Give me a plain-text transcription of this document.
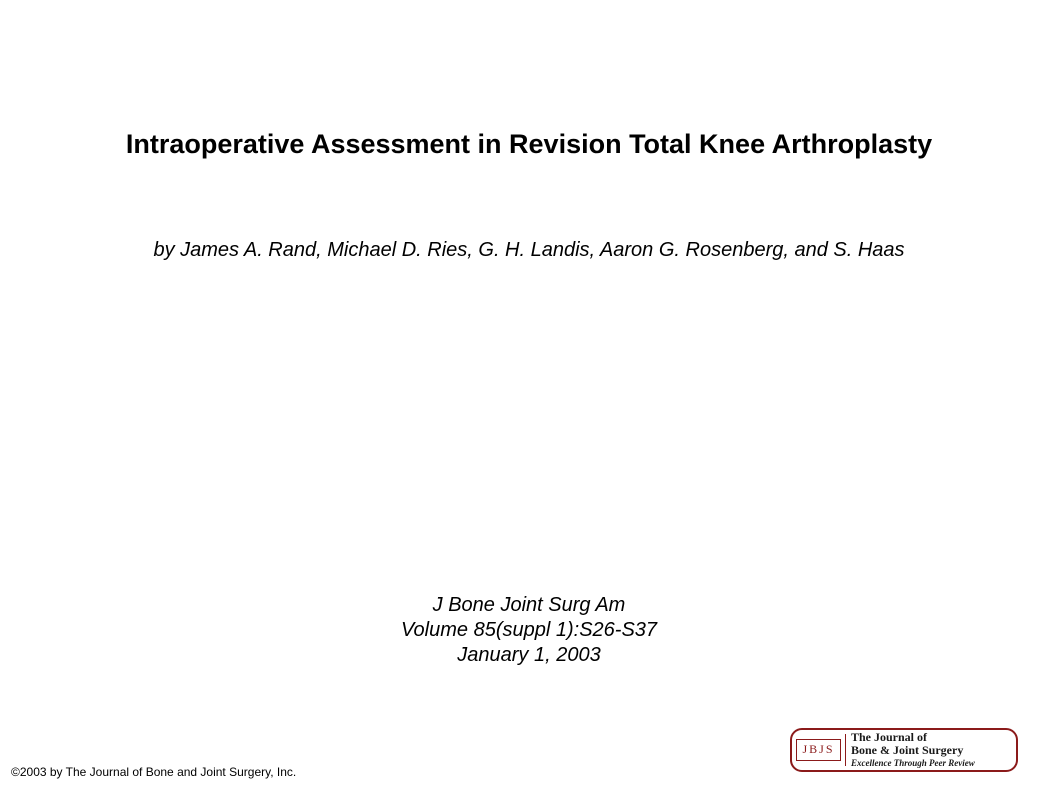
Intraoperative Assessment in Revision Total Knee Arthroplasty
by James A. Rand, Michael D. Ries, G. H. Landis, Aaron G. Rosenberg, and S. Haas
J Bone Joint Surg Am
Volume 85(suppl 1):S26-S37
January 1, 2003
©2003 by The Journal of Bone and Joint Surgery, Inc.
JBJS
The Journal of
Bone & Joint Surgery
Excellence Through Peer Review
